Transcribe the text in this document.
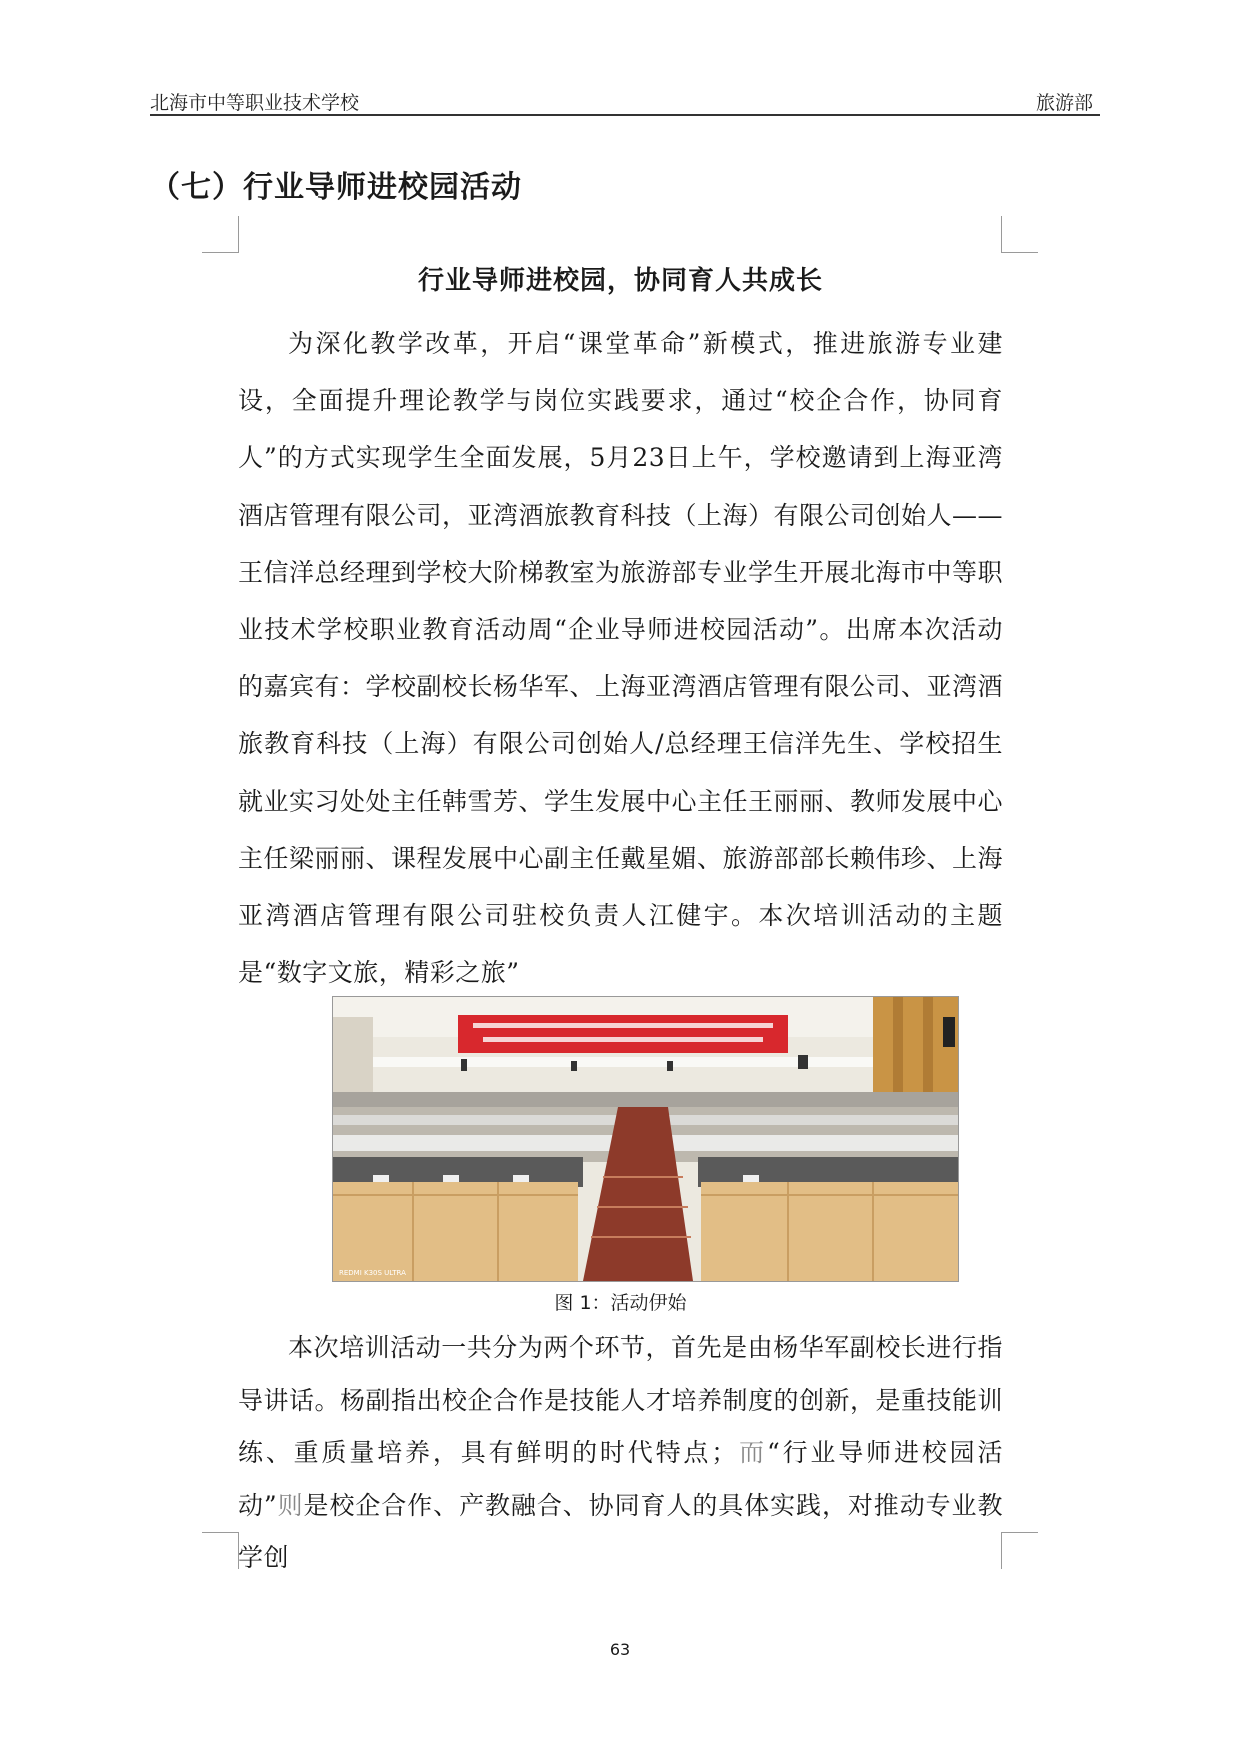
北海市中等职业技术学校	旅游部
（七）行业导师进校园活动
行业导师进校园，协同育人共成长
为深化教学改革，开启“课堂革命”新模式，推进旅游专业建设，全面提升理论教学与岗位实践要求，通过“校企合作，协同育人”的方式实现学生全面发展，5月23日上午，学校邀请到上海亚湾酒店管理有限公司，亚湾酒旅教育科技（上海）有限公司创始人——王信洋总经理到学校大阶梯教室为旅游部专业学生开展北海市中等职业技术学校职业教育活动周“企业导师进校园活动”。出席本次活动的嘉宾有：学校副校长杨华军、上海亚湾酒店管理有限公司、亚湾酒旅教育科技（上海）有限公司创始人/总经理王信洋先生、学校招生就业实习处处主任韩雪芳、学生发展中心主任王丽丽、教师发展中心主任梁丽丽、课程发展中心副主任戴星媚、旅游部部长赖伟珍、上海亚湾酒店管理有限公司驻校负责人江健宇。本次培训活动的主题是“数字文旅，精彩之旅”
REDMI K30S ULTRA
图 1：活动伊始
本次培训活动一共分为两个环节，首先是由杨华军副校长进行指导讲话。杨副指出校企合作是技能人才培养制度的创新，是重技能训练、重质量培养，具有鲜明的时代特点；而“行业导师进校园活动”则是校企合作、产教融合、协同育人的具体实践，对推动专业教学创
63
